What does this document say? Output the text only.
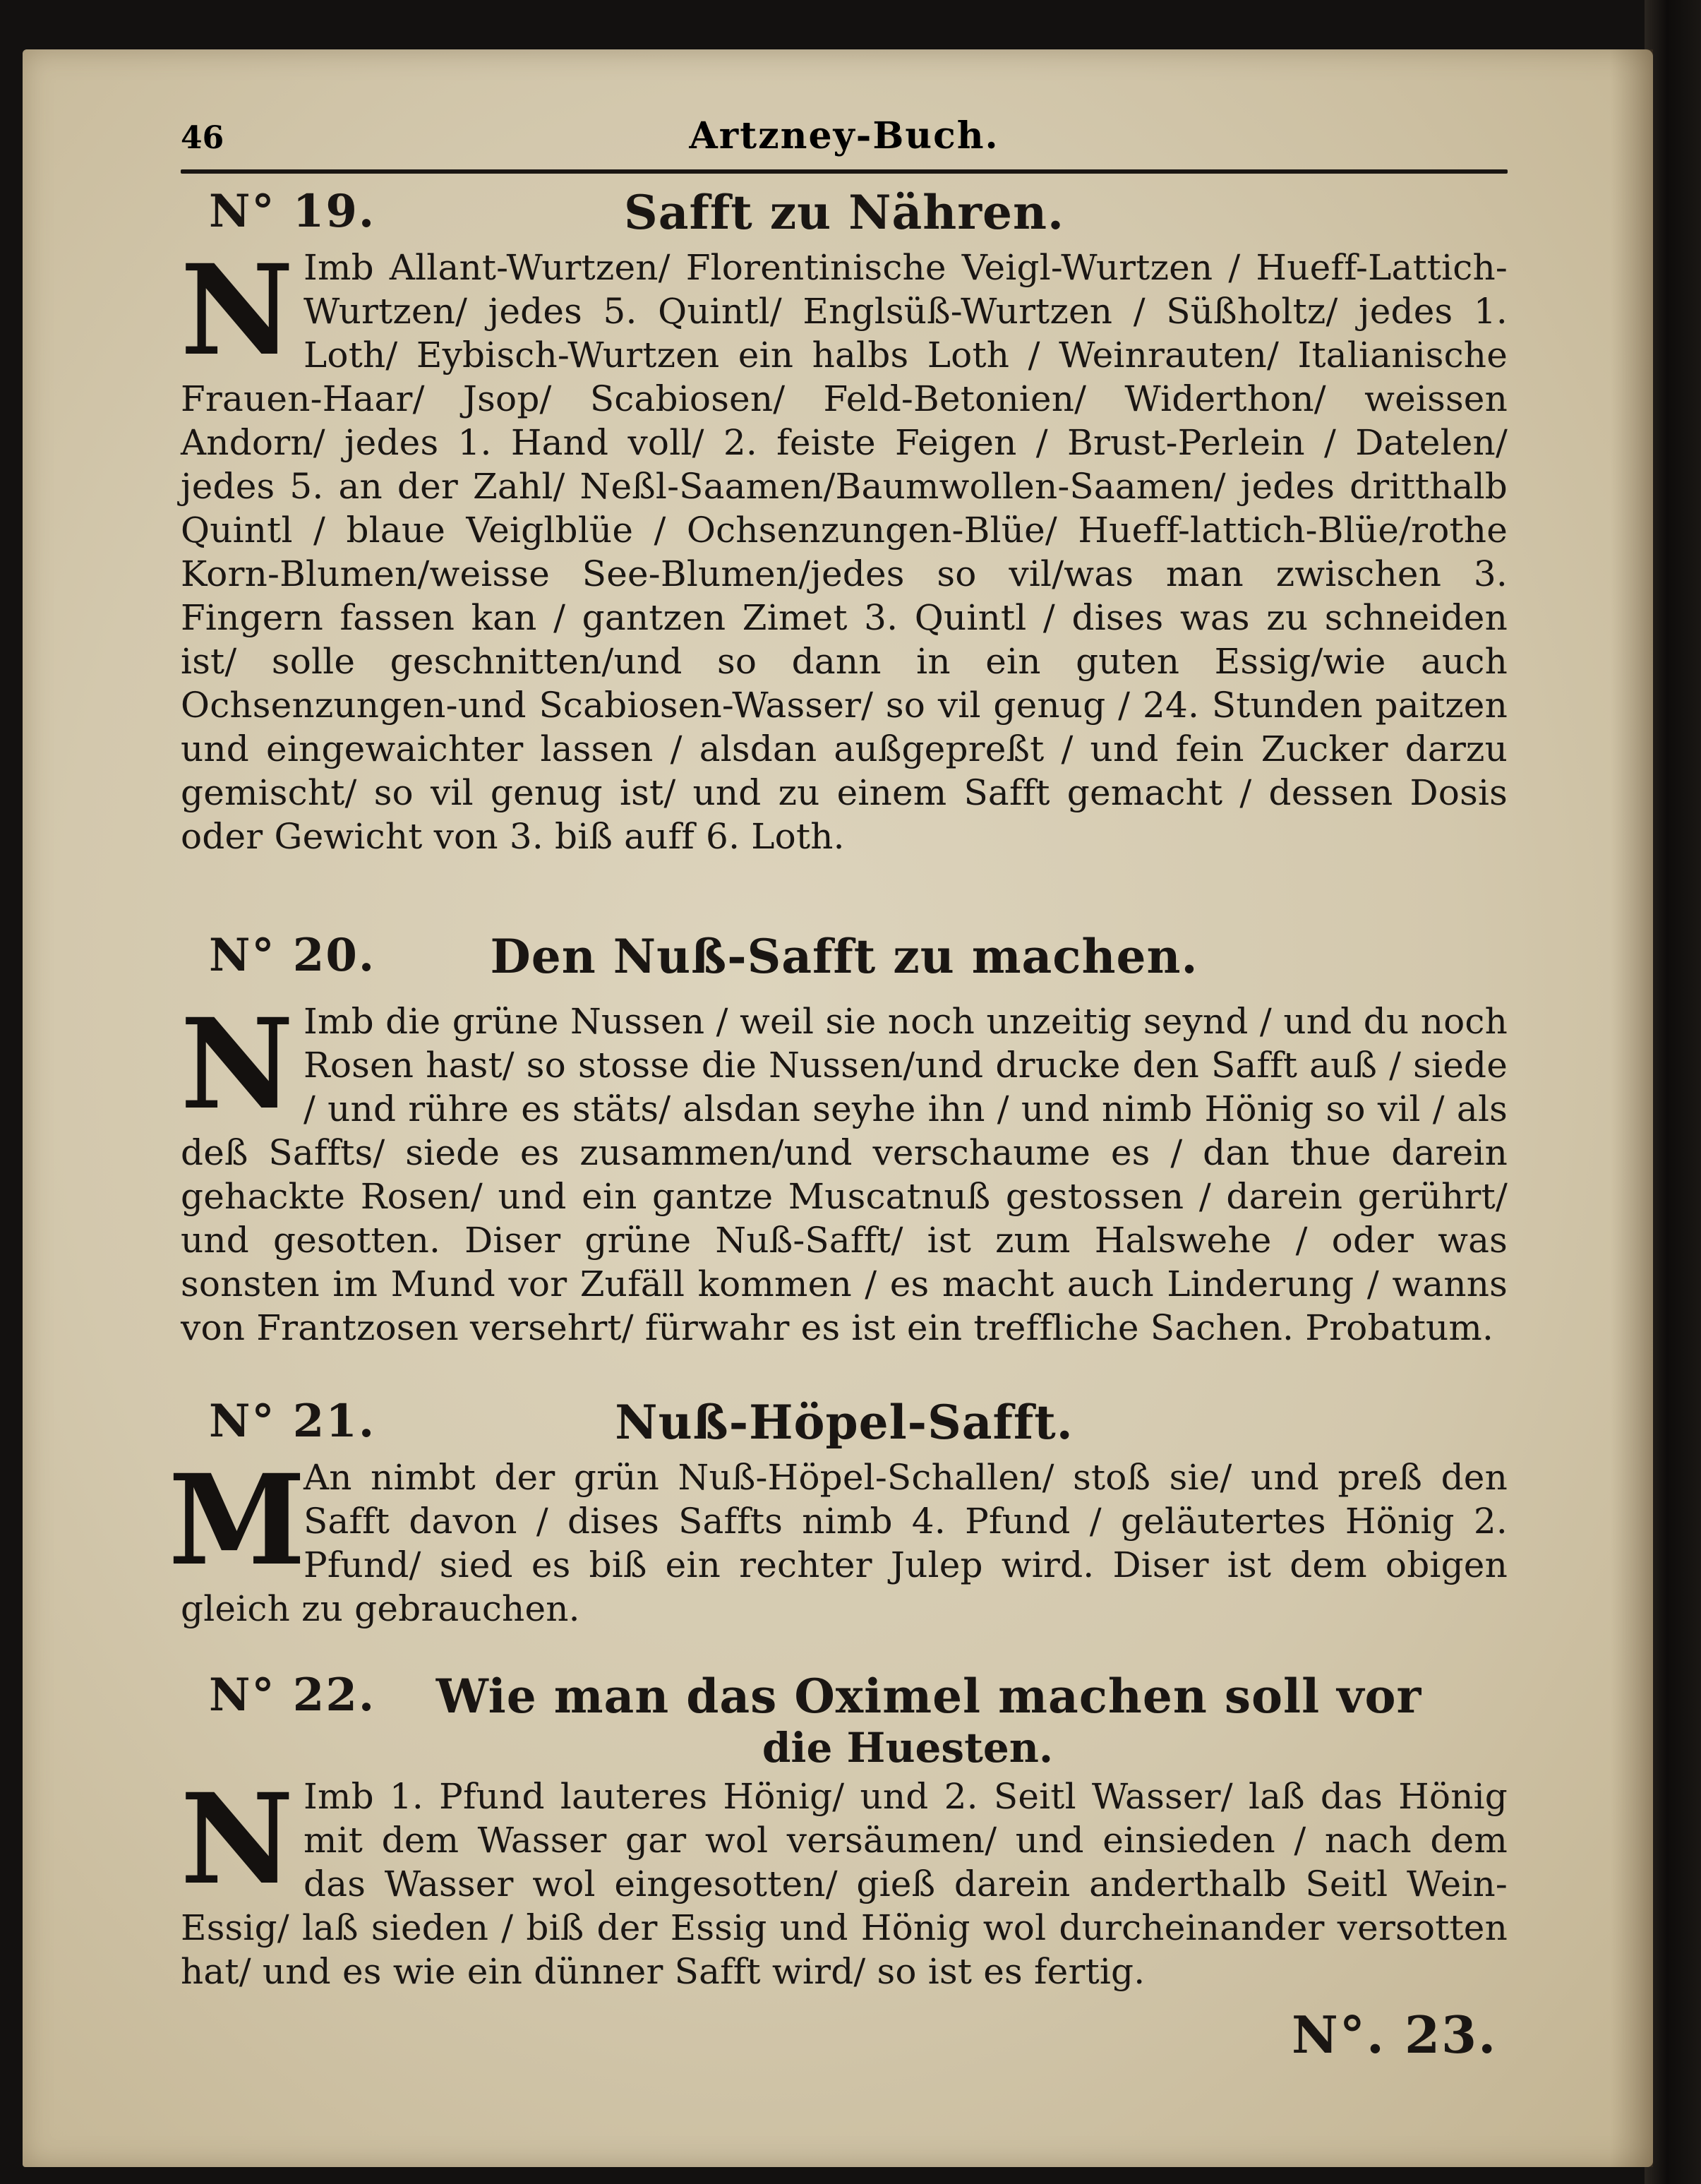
46	Artzney-Buch.
N° 19.	Safft zu Nähren.
N Imb Allant-Wurtzen/ Florentinische Veigl-Wurtzen / Hueff-Lattich-Wurtzen/ jedes 5. Quintl/ Englsüß-Wurtzen / Süßholtz/ jedes 1. Loth/ Eybisch-Wurtzen ein halbs Loth / Weinrauten/ Italianische Frauen-Haar/ Jsop/ Scabiosen/ Feld-Betonien/ Widerthon/ weissen Andorn/ jedes 1. Hand voll/ 2. feiste Feigen / Brust-Perlein / Datelen/ jedes 5. an der Zahl/ Neßl-Saamen/Baumwollen-Saamen/ jedes dritthalb Quintl / blaue Veiglblüe / Ochsenzungen-Blüe/ Hueff-lattich-Blüe/rothe Korn-Blumen/weisse See-Blumen/jedes so vil/was man zwischen 3. Fingern fassen kan / gantzen Zimet 3. Quintl / dises was zu schneiden ist/ solle geschnitten/und so dann in ein guten Essig/wie auch Ochsenzungen-und Scabiosen-Wasser/ so vil genug / 24. Stunden paitzen und eingewaichter lassen / alsdan außgepreßt / und fein Zucker darzu gemischt/ so vil genug ist/ und zu einem Safft gemacht / dessen Dosis oder Gewicht von 3. biß auff 6. Loth.
N° 20.	Den Nuß-Safft zu machen.
N Imb die grüne Nussen / weil sie noch unzeitig seynd / und du noch Rosen hast/ so stosse die Nussen/und drucke den Safft auß / siede / und rühre es stäts/ alsdan seyhe ihn / und nimb Hönig so vil / als deß Saffts/ siede es zusammen/und verschaume es / dan thue darein gehackte Rosen/ und ein gantze Muscatnuß gestossen / darein gerührt/ und gesotten. Diser grüne Nuß-Safft/ ist zum Halswehe / oder was sonsten im Mund vor Zufäll kommen / es macht auch Linderung / wanns von Frantzosen versehrt/ fürwahr es ist ein treffliche Sachen. Probatum.
N° 21.	Nuß-Höpel-Safft.
M
An nimbt der grün Nuß-Höpel-Schallen/ stoß sie/ und preß den Safft davon / dises Saffts nimb 4. Pfund / geläutertes Hönig 2. Pfund/ sied es biß ein rechter Julep wird. Diser ist dem obigen gleich zu gebrauchen.
N° 22.	Wie man das Oximel machen soll vor
die Huesten.
N Imb 1. Pfund lauteres Hönig/ und 2. Seitl Wasser/ laß das Hönig mit dem Wasser gar wol versäumen/ und einsieden / nach dem das Wasser wol eingesotten/ gieß darein anderthalb Seitl Wein-Essig/ laß sieden / biß der Essig und Hönig wol durcheinander versotten hat/ und es wie ein dünner Safft wird/ so ist es fertig.
N°. 23.
